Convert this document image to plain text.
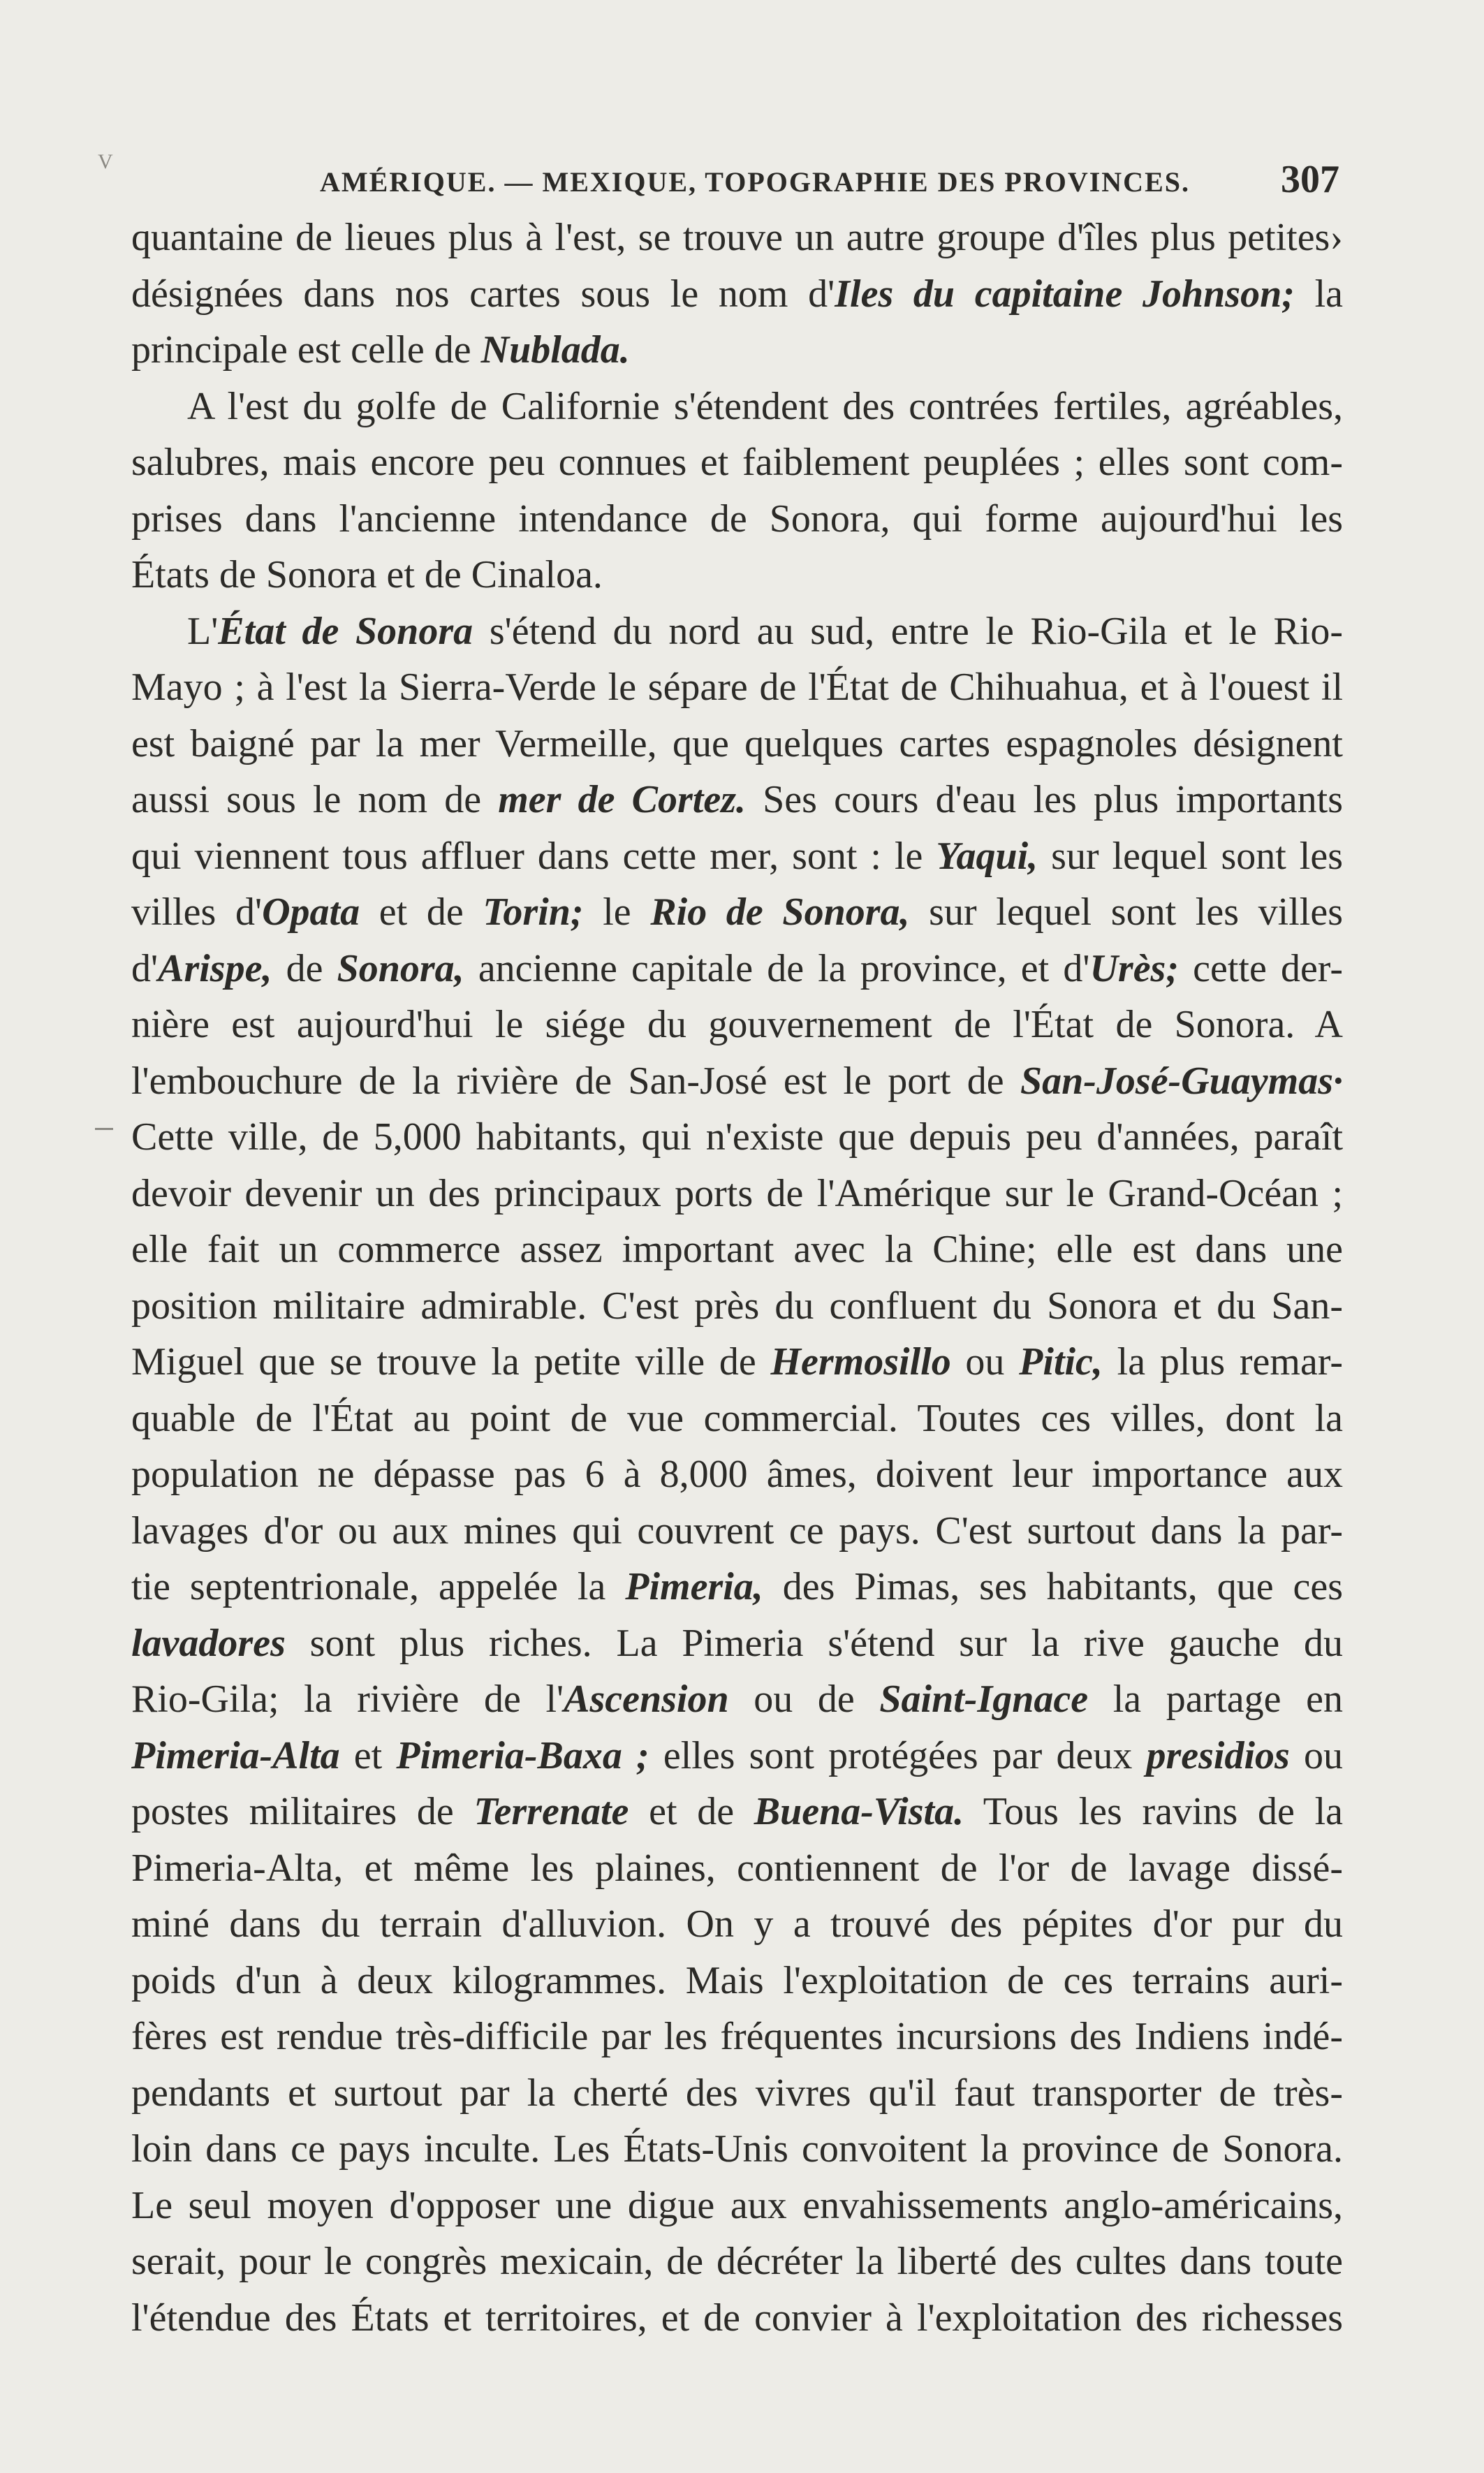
V
AMÉRIQUE. — MEXIQUE, TOPOGRAPHIE DES PROVINCES. 307
quantaine de lieues plus à l'est, se trouve un autre groupe d'îles plus petites›
désignées dans nos cartes sous le nom d'Iles du capitaine Johnson; la
principale est celle de Nublada.
A l'est du golfe de Californie s'étendent des contrées fertiles, agréables,
salubres, mais encore peu connues et faiblement peuplées ; elles sont com-
prises dans l'ancienne intendance de Sonora, qui forme aujourd'hui les
États de Sonora et de Cinaloa.
L'État de Sonora s'étend du nord au sud, entre le Rio-Gila et le Rio-
Mayo ; à l'est la Sierra-Verde le sépare de l'État de Chihuahua, et à l'ouest il
est baigné par la mer Vermeille, que quelques cartes espagnoles désignent
aussi sous le nom de mer de Cortez. Ses cours d'eau les plus importants
qui viennent tous affluer dans cette mer, sont : le Yaqui, sur lequel sont les
villes d'Opata et de Torin; le Rio de Sonora, sur lequel sont les villes
d'Arispe, de Sonora, ancienne capitale de la province, et d'Urès; cette der-
nière est aujourd'hui le siége du gouvernement de l'État de Sonora. A
l'embouchure de la rivière de San-José est le port de San-José-Guaymas·
Cette ville, de 5,000 habitants, qui n'existe que depuis peu d'années, paraît
devoir devenir un des principaux ports de l'Amérique sur le Grand-Océan ;
elle fait un commerce assez important avec la Chine; elle est dans une
position militaire admirable. C'est près du confluent du Sonora et du San-
Miguel que se trouve la petite ville de Hermosillo ou Pitic, la plus remar-
quable de l'État au point de vue commercial. Toutes ces villes, dont la
population ne dépasse pas 6 à 8,000 âmes, doivent leur importance aux
lavages d'or ou aux mines qui couvrent ce pays. C'est surtout dans la par-
tie septentrionale, appelée la Pimeria, des Pimas, ses habitants, que ces
lavadores sont plus riches. La Pimeria s'étend sur la rive gauche du
Rio-Gila; la rivière de l'Ascension ou de Saint-Ignace la partage en
Pimeria-Alta et Pimeria-Baxa ; elles sont protégées par deux presidios ou
postes militaires de Terrenate et de Buena-Vista. Tous les ravins de la
Pimeria-Alta, et même les plaines, contiennent de l'or de lavage dissé-
miné dans du terrain d'alluvion. On y a trouvé des pépites d'or pur du
poids d'un à deux kilogrammes. Mais l'exploitation de ces terrains auri-
fères est rendue très-difficile par les fréquentes incursions des Indiens indé-
pendants et surtout par la cherté des vivres qu'il faut transporter de très-
loin dans ce pays inculte. Les États-Unis convoitent la province de Sonora.
Le seul moyen d'opposer une digue aux envahissements anglo-américains,
serait, pour le congrès mexicain, de décréter la liberté des cultes dans toute
l'étendue des États et territoires, et de convier à l'exploitation des richesses
